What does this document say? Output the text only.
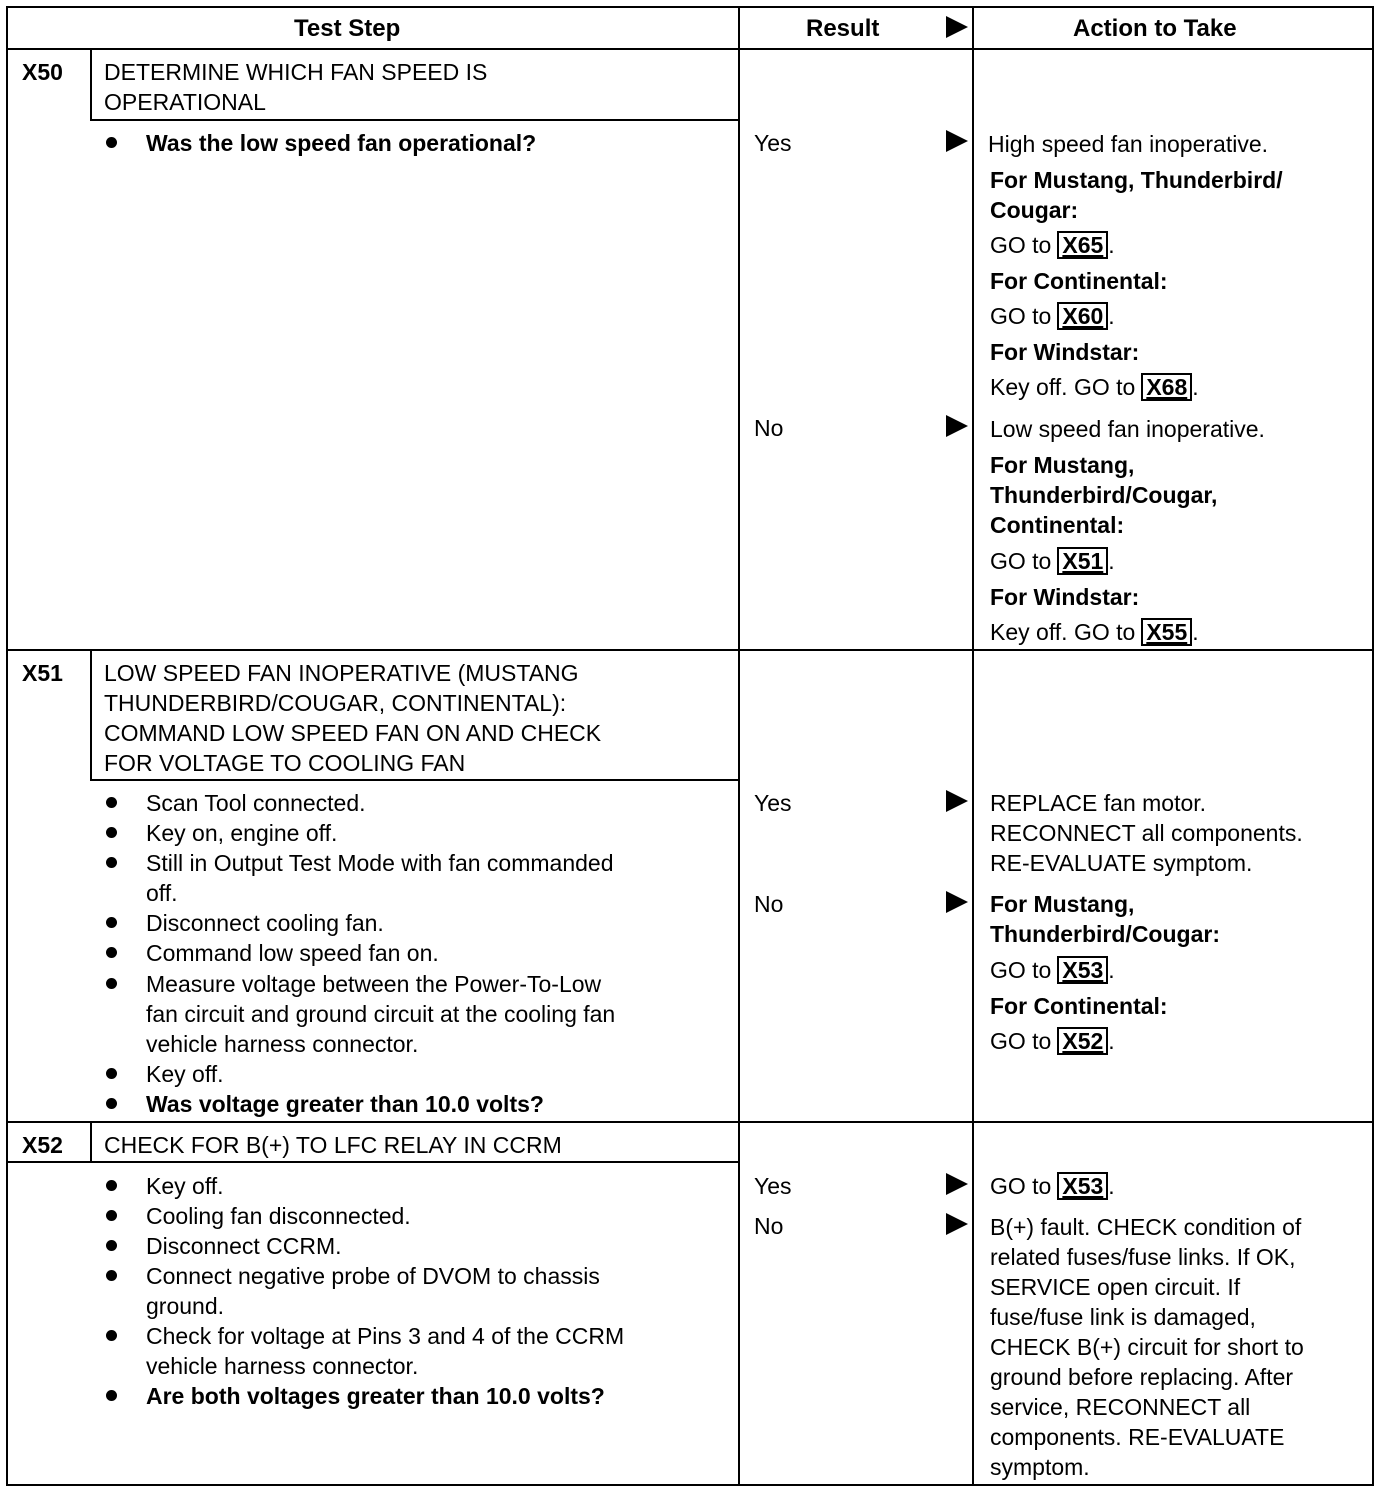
Test Step	Result	Action to Take
X50 DETERMINE WHICH FAN SPEED IS
OPERATIONAL
Was the low speed fan operational?	Yes	High speed fan inoperative.
For Mustang, Thunderbird/
Cougar:
GO to X65 .
For Continental:
GO to X60 .
For Windstar:
Key off. GO to X68 .
No	Low speed fan inoperative.
For Mustang,
Thunderbird/Cougar,
Continental:
GO to X51 .
For Windstar:
Key off. GO to X55 .
X51 LOW SPEED FAN INOPERATIVE (MUSTANG
THUNDERBIRD/COUGAR, CONTINENTAL):
COMMAND LOW SPEED FAN ON AND CHECK
FOR VOLTAGE TO COOLING FAN
Scan Tool connected.
Key on, engine off.
Still in Output Test Mode with fan commanded
off.
Disconnect cooling fan.
Command low speed fan on.
Measure voltage between the Power-To-Low
fan circuit and ground circuit at the cooling fan
vehicle harness connector.
Key off.
Was voltage greater than 10.0 volts?
Yes	REPLACE fan motor.
RECONNECT all components.
RE-EVALUATE symptom.
No	For Mustang,
Thunderbird/Cougar:
GO to X53 .
For Continental:
GO to X52 .
X52 CHECK FOR B(+) TO LFC RELAY IN CCRM
Key off.
Cooling fan disconnected.
Disconnect CCRM.
Connect negative probe of DVOM to chassis
ground.
Check for voltage at Pins 3 and 4 of the CCRM
vehicle harness connector.
Are both voltages greater than 10.0 volts?
Yes	GO to X53 .
No	B(+) fault. CHECK condition of
related fuses/fuse links. If OK,
SERVICE open circuit. If
fuse/fuse link is damaged,
CHECK B(+) circuit for short to
ground before replacing. After
service, RECONNECT all
components. RE-EVALUATE
symptom.
